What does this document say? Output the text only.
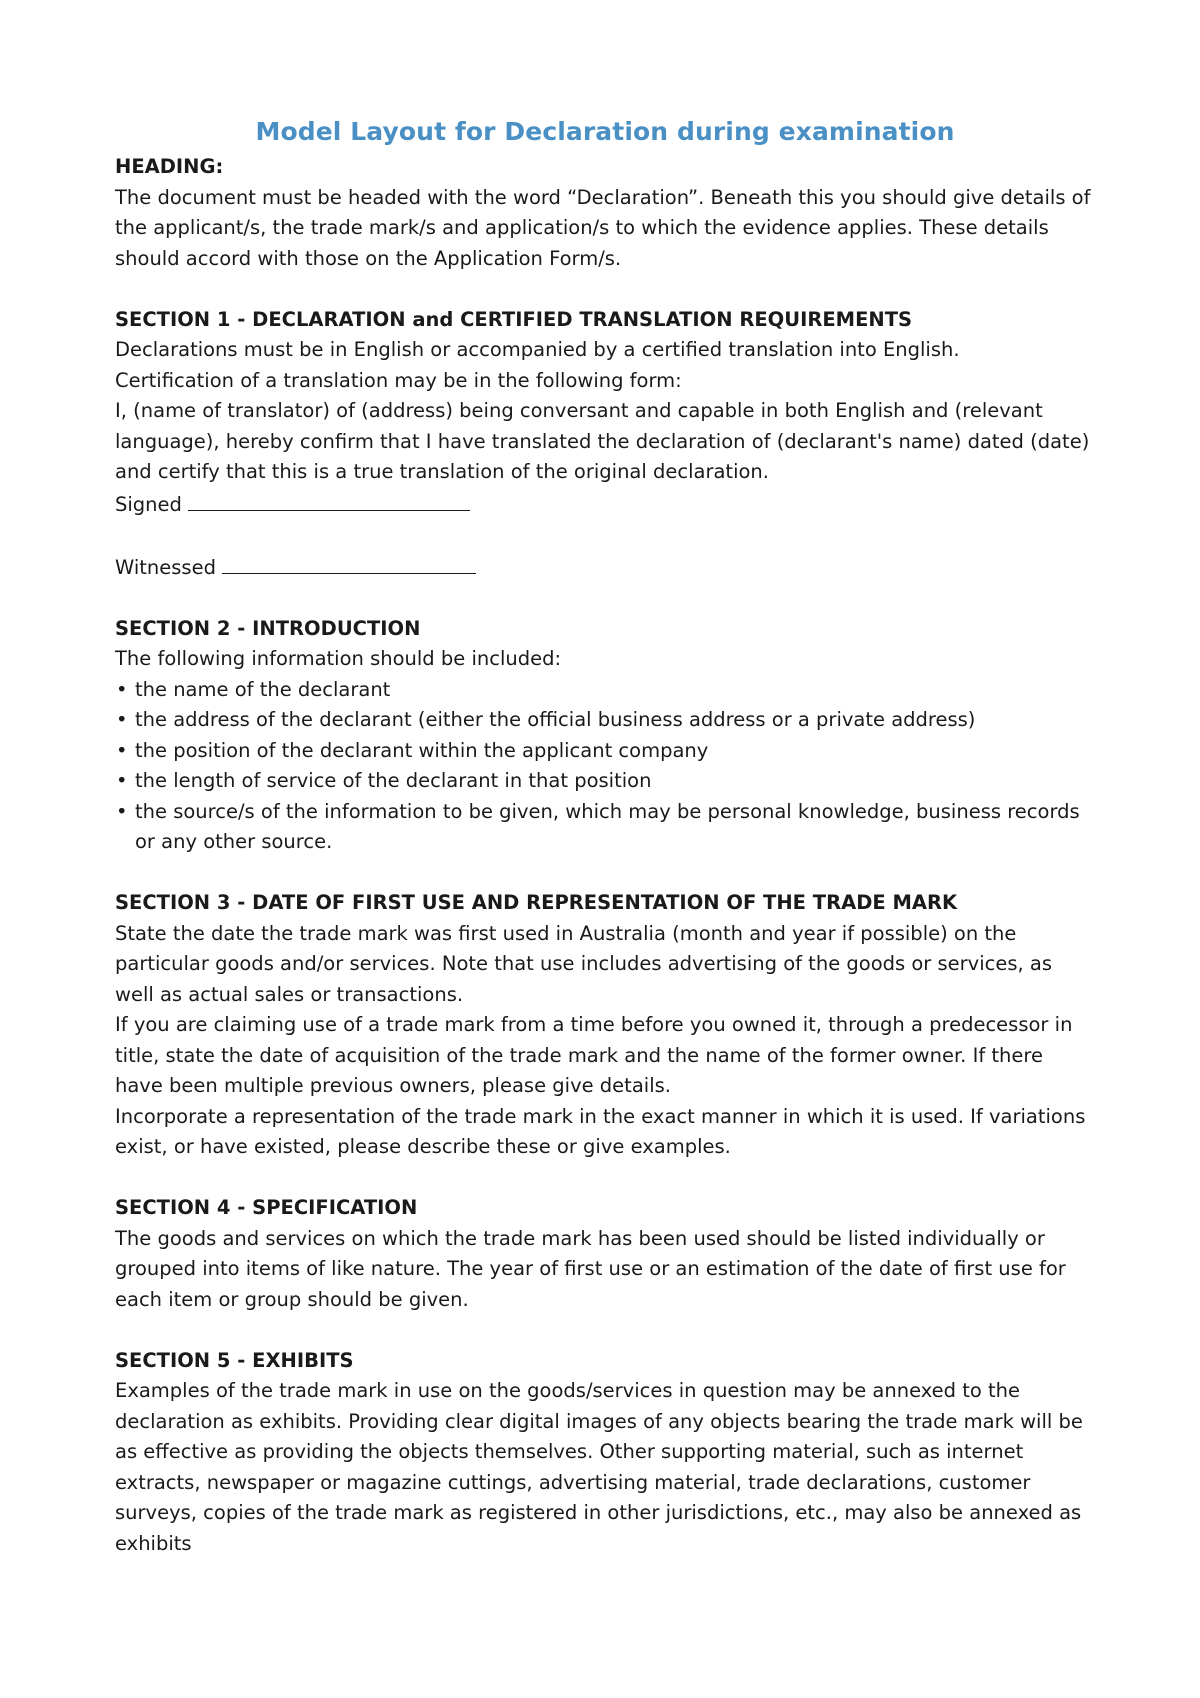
Model Layout for Declaration during examination

HEADING:

The document must be headed with the word “Declaration”. Beneath this you should give details of the applicant/s, the trade mark/s and application/s to which the evidence applies. These details should accord with those on the Application Form/s.

SECTION 1 - DECLARATION and CERTIFIED TRANSLATION REQUIREMENTS

Declarations must be in English or accompanied by a certified translation into English.

Certification of a translation may be in the following form:

I, (name of translator) of (address) being conversant and capable in both English and (relevant language), hereby confirm that I have translated the declaration of (declarant's name) dated (date) and certify that this is a true translation of the original declaration.

Signed

Witnessed

SECTION 2 - INTRODUCTION

The following information should be included:

• the name of the declarant
• the address of the declarant (either the official business address or a private address)
• the position of the declarant within the applicant company
• the length of service of the declarant in that position
• the source/s of the information to be given, which may be personal knowledge, business records or any other source.

SECTION 3 - DATE OF FIRST USE AND REPRESENTATION OF THE TRADE MARK

State the date the trade mark was first used in Australia (month and year if possible) on the particular goods and/or services. Note that use includes advertising of the goods or services, as well as actual sales or transactions.

If you are claiming use of a trade mark from a time before you owned it, through a predecessor in title, state the date of acquisition of the trade mark and the name of the former owner. If there have been multiple previous owners, please give details.

Incorporate a representation of the trade mark in the exact manner in which it is used. If variations exist, or have existed, please describe these or give examples.

SECTION 4 - SPECIFICATION

The goods and services on which the trade mark has been used should be listed individually or grouped into items of like nature. The year of first use or an estimation of the date of first use for each item or group should be given.

SECTION 5 - EXHIBITS

Examples of the trade mark in use on the goods/services in question may be annexed to the declaration as exhibits. Providing clear digital images of any objects bearing the trade mark will be as effective as providing the objects themselves. Other supporting material, such as internet extracts, newspaper or magazine cuttings, advertising material, trade declarations, customer surveys, copies of the trade mark as registered in other jurisdictions, etc., may also be annexed as exhibits
